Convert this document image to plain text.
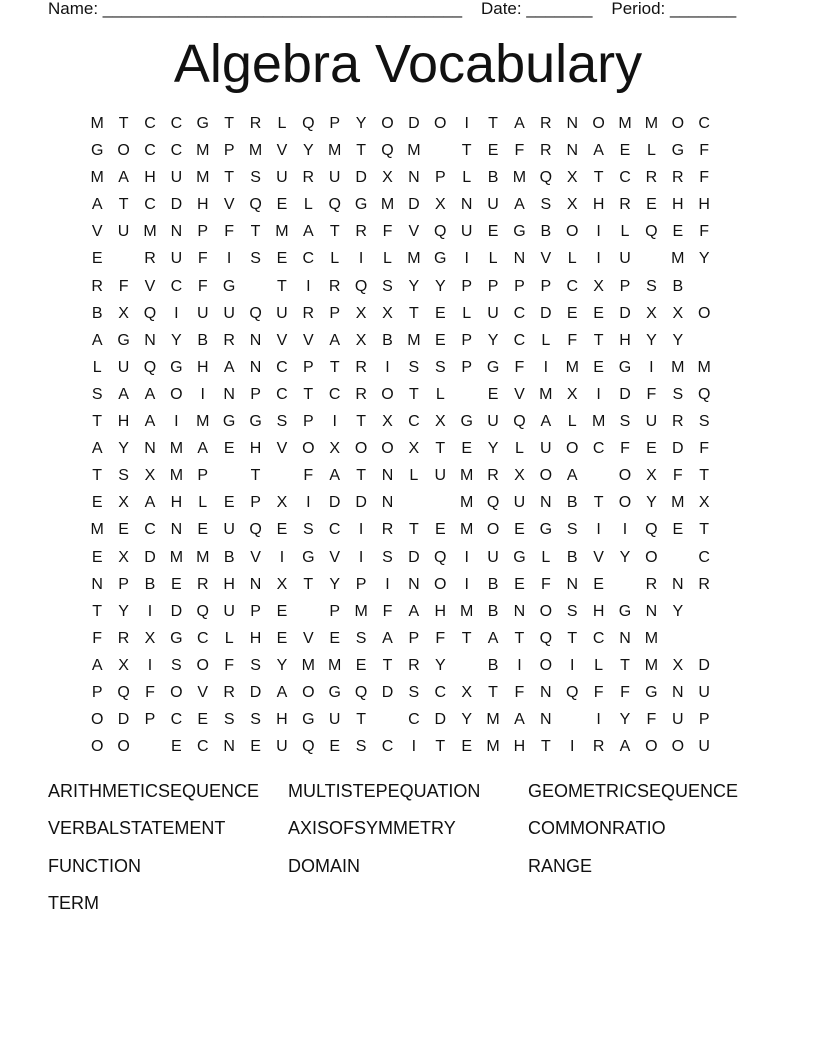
Name: ______________________________________    Date: _______    Period: _______
Algebra Vocabulary
M T C C G T R	L Q P Y O D O	I	T	A R N O M M O C
G O C C M P M V Y M T Q M	T	E	F R N A E	L G F
M A H U M T	S U R U D X N P	L	B M Q X	T C R R F
A	T C D H V Q E	L Q G M D X N U A S X H R E H H
V U M N P	F	T M A	T R F	V Q U E G B O	I	L Q E	F
E	R U F	I	S E C	L	I	L M G	I	L	N V	L	I	U	M Y
R F	V C F G	T	I	R Q S Y Y P P P P C X P S B
B X Q	I	U U Q U R P X X	T	E	L	U C D E E D X X O
A G N Y B R N V V A X B M E P Y C	L	F	T H Y Y
L	U Q G H A N C P	T R	I	S S P G F	I	M E G	I	M M
S A A O	I	N P C T C R O T	L	E V M X	I	D F	S Q
T H A	I	M G G S P	I	T	X C X G U Q A	L M S U R S
A Y N M A E H V O X O O X	T	E Y	L	U O C F	E D F
T	S X M P	T	F	A	T N	L	U M R X O A	O X	F	T
E X A H	L	E P X	I	D D N	M Q U N B	T O Y M X
M E C N E U Q E S C	I	R T	E M O E G S	I	I	Q E	T
E X D M M B V	I	G V	I	S D Q	I	U G L	B V Y O	C
N P B E R H N X	T	Y P	I	N O	I	B E	F N E	R N R
T	Y	I	D Q U P E	P M F	A H M B N O S H G N Y
F R X G C	L	H E V E S A P	F	T	A	T Q T C N M
A X	I	S O F	S Y M M E	T R Y	B	I	O	I	L	T M X D
P Q F O V R D A O G Q D S C X	T	F N Q F	F G N U
O D P C E S S H G U T	C D Y M A N	I	Y	F U P
O O	E C N E U Q E S C	I	T	E M H T	I	R A O O U
ARITHMETICSEQUENCE	MULTISTEPEQUATION	GEOMETRICSEQUENCE
VERBALSTATEMENT	AXISOFSYMMETRY	COMMONRATIO
FUNCTION	DOMAIN	RANGE
TERM
